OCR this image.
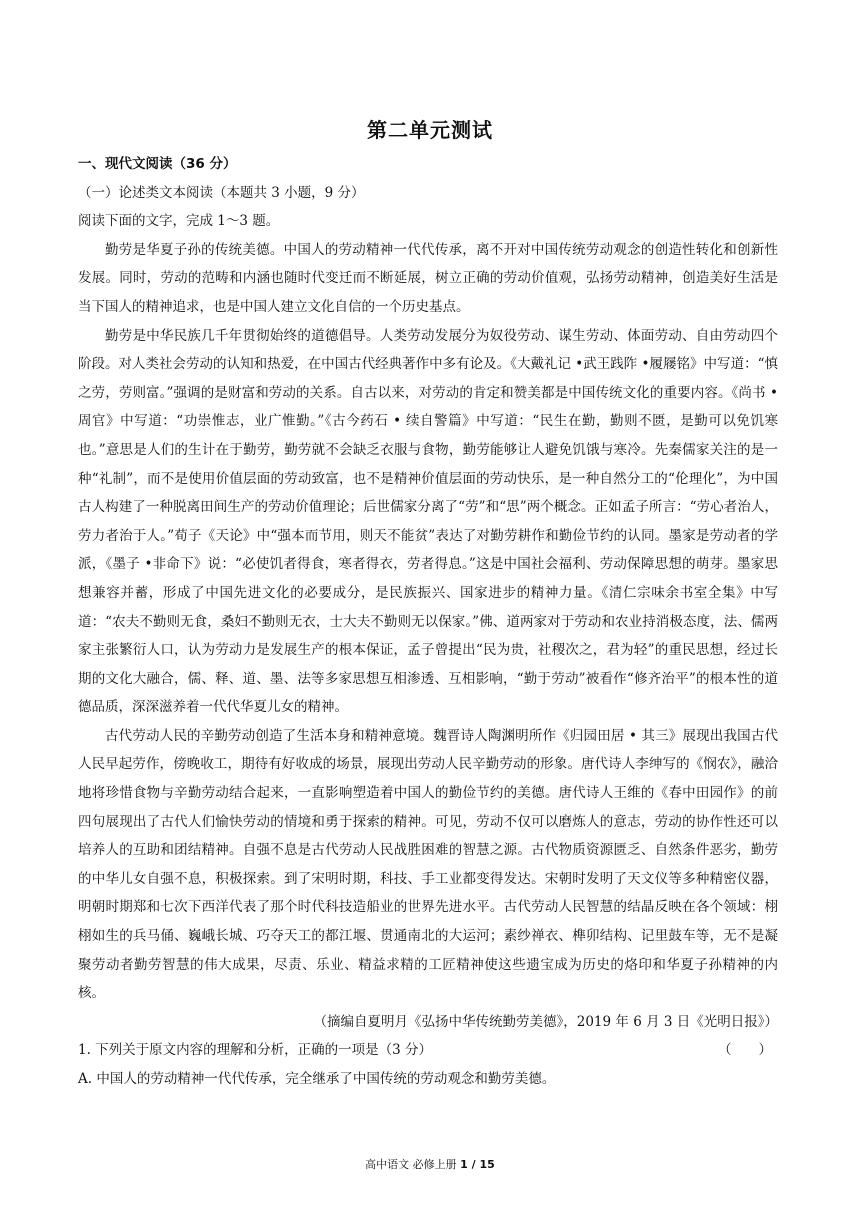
第二单元测试
一、现代文阅读（36 分）
（一）论述类文本阅读（本题共 3 小题，9 分）
阅读下面的文字，完成 1～3 题。
勤劳是华夏子孙的传统美德。中国人的劳动精神一代代传承，离不开对中国传统劳动观念的创造性转化和创新性发展。同时，劳动的范畴和内涵也随时代变迁而不断延展，树立正确的劳动价值观，弘扬劳动精神，创造美好生活是当下国人的精神追求，也是中国人建立文化自信的一个历史基点。
勤劳是中华民族几千年贯彻始终的道德倡导。人类劳动发展分为奴役劳动、谋生劳动、体面劳动、自由劳动四个阶段。对人类社会劳动的认知和热爱，在中国古代经典著作中多有论及。《大戴礼记 •武王践阼 •履屦铭》中写道：“慎之劳，劳则富。”强调的是财富和劳动的关系。自古以来，对劳动的肯定和赞美都是中国传统文化的重要内容。《尚书 • 周官》中写道：“功崇惟志，业广惟勤。”《古今药石 • 续自警篇》中写道：“民生在勤，勤则不匮，是勤可以免饥寒也。”意思是人们的生计在于勤劳，勤劳就不会缺乏衣服与食物，勤劳能够让人避免饥饿与寒冷。先秦儒家关注的是一种“礼制”，而不是使用价值层面的劳动致富，也不是精神价值层面的劳动快乐，是一种自然分工的“伦理化”，为中国古人构建了一种脱离田间生产的劳动价值理论；后世儒家分离了“劳”和“思”两个概念。正如孟子所言：“劳心者治人，劳力者治于人。”荀子《天论》中“强本而节用，则天不能贫”表达了对勤劳耕作和勤俭节约的认同。墨家是劳动者的学派，《墨子 •非命下》说：“必使饥者得食，寒者得衣，劳者得息。”这是中国社会福利、劳动保障思想的萌芽。墨家思想兼容并蓄，形成了中国先进文化的必要成分，是民族振兴、国家进步的精神力量。《清仁宗味余书室全集》中写道：“农夫不勤则无食，桑妇不勤则无衣，士大夫不勤则无以保家。”佛、道两家对于劳动和农业持消极态度，法、儒两家主张繁衍人口，认为劳动力是发展生产的根本保证，孟子曾提出“民为贵，社稷次之，君为轻”的重民思想，经过长期的文化大融合，儒、释、道、墨、法等多家思想互相渗透、互相影响，“勤于劳动”被看作“修齐治平”的根本性的道德品质，深深滋养着一代代华夏儿女的精神。
古代劳动人民的辛勤劳动创造了生活本身和精神意境。魏晋诗人陶渊明所作《归园田居 • 其三》展现出我国古代人民早起劳作，傍晚收工，期待有好收成的场景，展现出劳动人民辛勤劳动的形象。唐代诗人李绅写的《悯农》，融洽地将珍惜食物与辛勤劳动结合起来，一直影响塑造着中国人的勤俭节约的美德。唐代诗人王维的《春中田园作》的前四句展现出了古代人们愉快劳动的情境和勇于探索的精神。可见，劳动不仅可以磨炼人的意志，劳动的协作性还可以培养人的互助和团结精神。自强不息是古代劳动人民战胜困难的智慧之源。古代物质资源匮乏、自然条件恶劣，勤劳的中华儿女自强不息，积极探索。到了宋明时期，科技、手工业都变得发达。宋朝时发明了天文仪等多种精密仪器，明朝时期郑和七次下西洋代表了那个时代科技造船业的世界先进水平。古代劳动人民智慧的结晶反映在各个领域：栩栩如生的兵马俑、巍峨长城、巧夺天工的都江堰、贯通南北的大运河；素纱禅衣、榫卯结构、记里鼓车等，无不是凝聚劳动者勤劳智慧的伟大成果，尽责、乐业、精益求精的工匠精神使这些遗宝成为历史的烙印和华夏子孙精神的内核。
（摘编自夏明月《弘扬中华传统勤劳美德》，2019 年 6 月 3 日《光明日报》）
1. 下列关于原文内容的理解和分析，正确的一项是（3 分）	（　　）
A. 中国人的劳动精神一代代传承，完全继承了中国传统的劳动观念和勤劳美德。
高中语文 必修上册 1 / 15
